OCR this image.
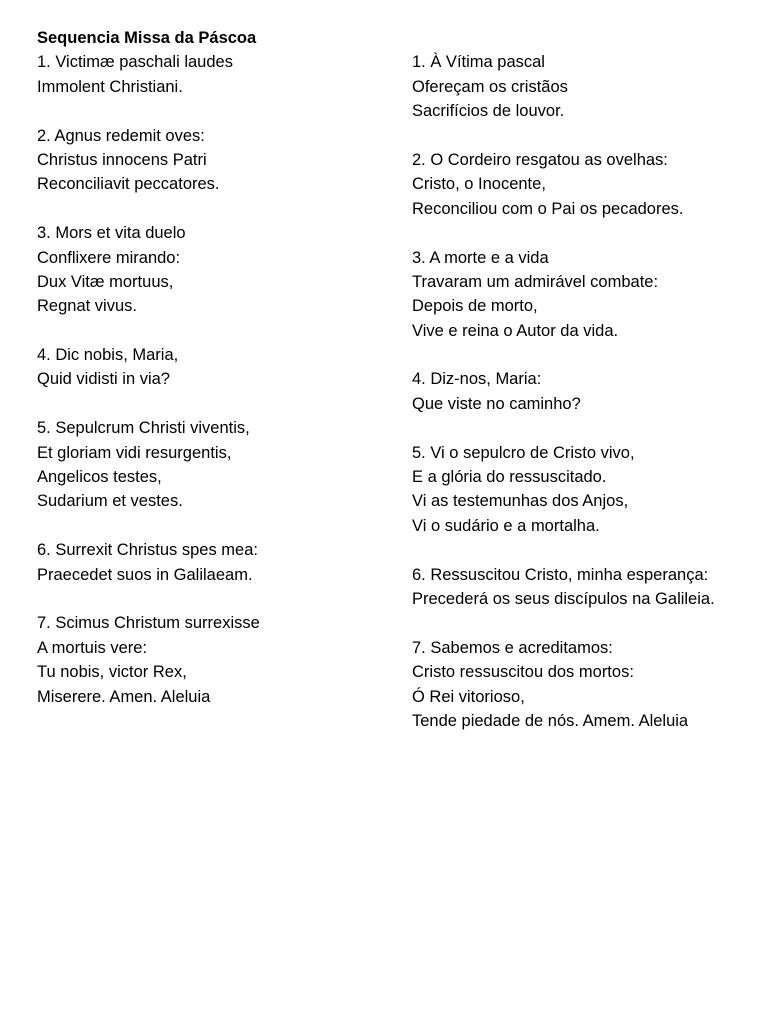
Sequencia Missa da Páscoa
1. Victimæ paschali laudes
Immolent Christiani.
2. Agnus redemit oves:
Christus innocens Patri
Reconciliavit peccatores.
3. Mors et vita duelo
Conflixere mirando:
Dux Vitæ mortuus,
Regnat vivus.
4. Dic nobis, Maria,
Quid vidisti in via?
5. Sepulcrum Christi viventis,
Et gloriam vidi resurgentis,
Angelicos testes,
Sudarium et vestes.
6. Surrexit Christus spes mea:
Praecedet suos in Galilaeam.
7. Scimus Christum surrexisse
A mortuis vere:
Tu nobis, victor Rex,
Miserere. Amen. Aleluia
1. À Vítima pascal
Ofereçam os cristãos
Sacrifícios de louvor.
2. O Cordeiro resgatou as ovelhas:
Cristo, o Inocente,
Reconciliou com o Pai os pecadores.
3. A morte e a vida
Travaram um admirável combate:
Depois de morto,
Vive e reina o Autor da vida.
4. Diz-nos, Maria:
Que viste no caminho?
5. Vi o sepulcro de Cristo vivo,
E a glória do ressuscitado.
Vi as testemunhas dos Anjos,
Vi o sudário e a mortalha.
6. Ressuscitou Cristo, minha esperança:
Precederá os seus discípulos na Galileia.
7. Sabemos e acreditamos:
Cristo ressuscitou dos mortos:
Ó Rei vitorioso,
Tende piedade de nós. Amem. Aleluia
